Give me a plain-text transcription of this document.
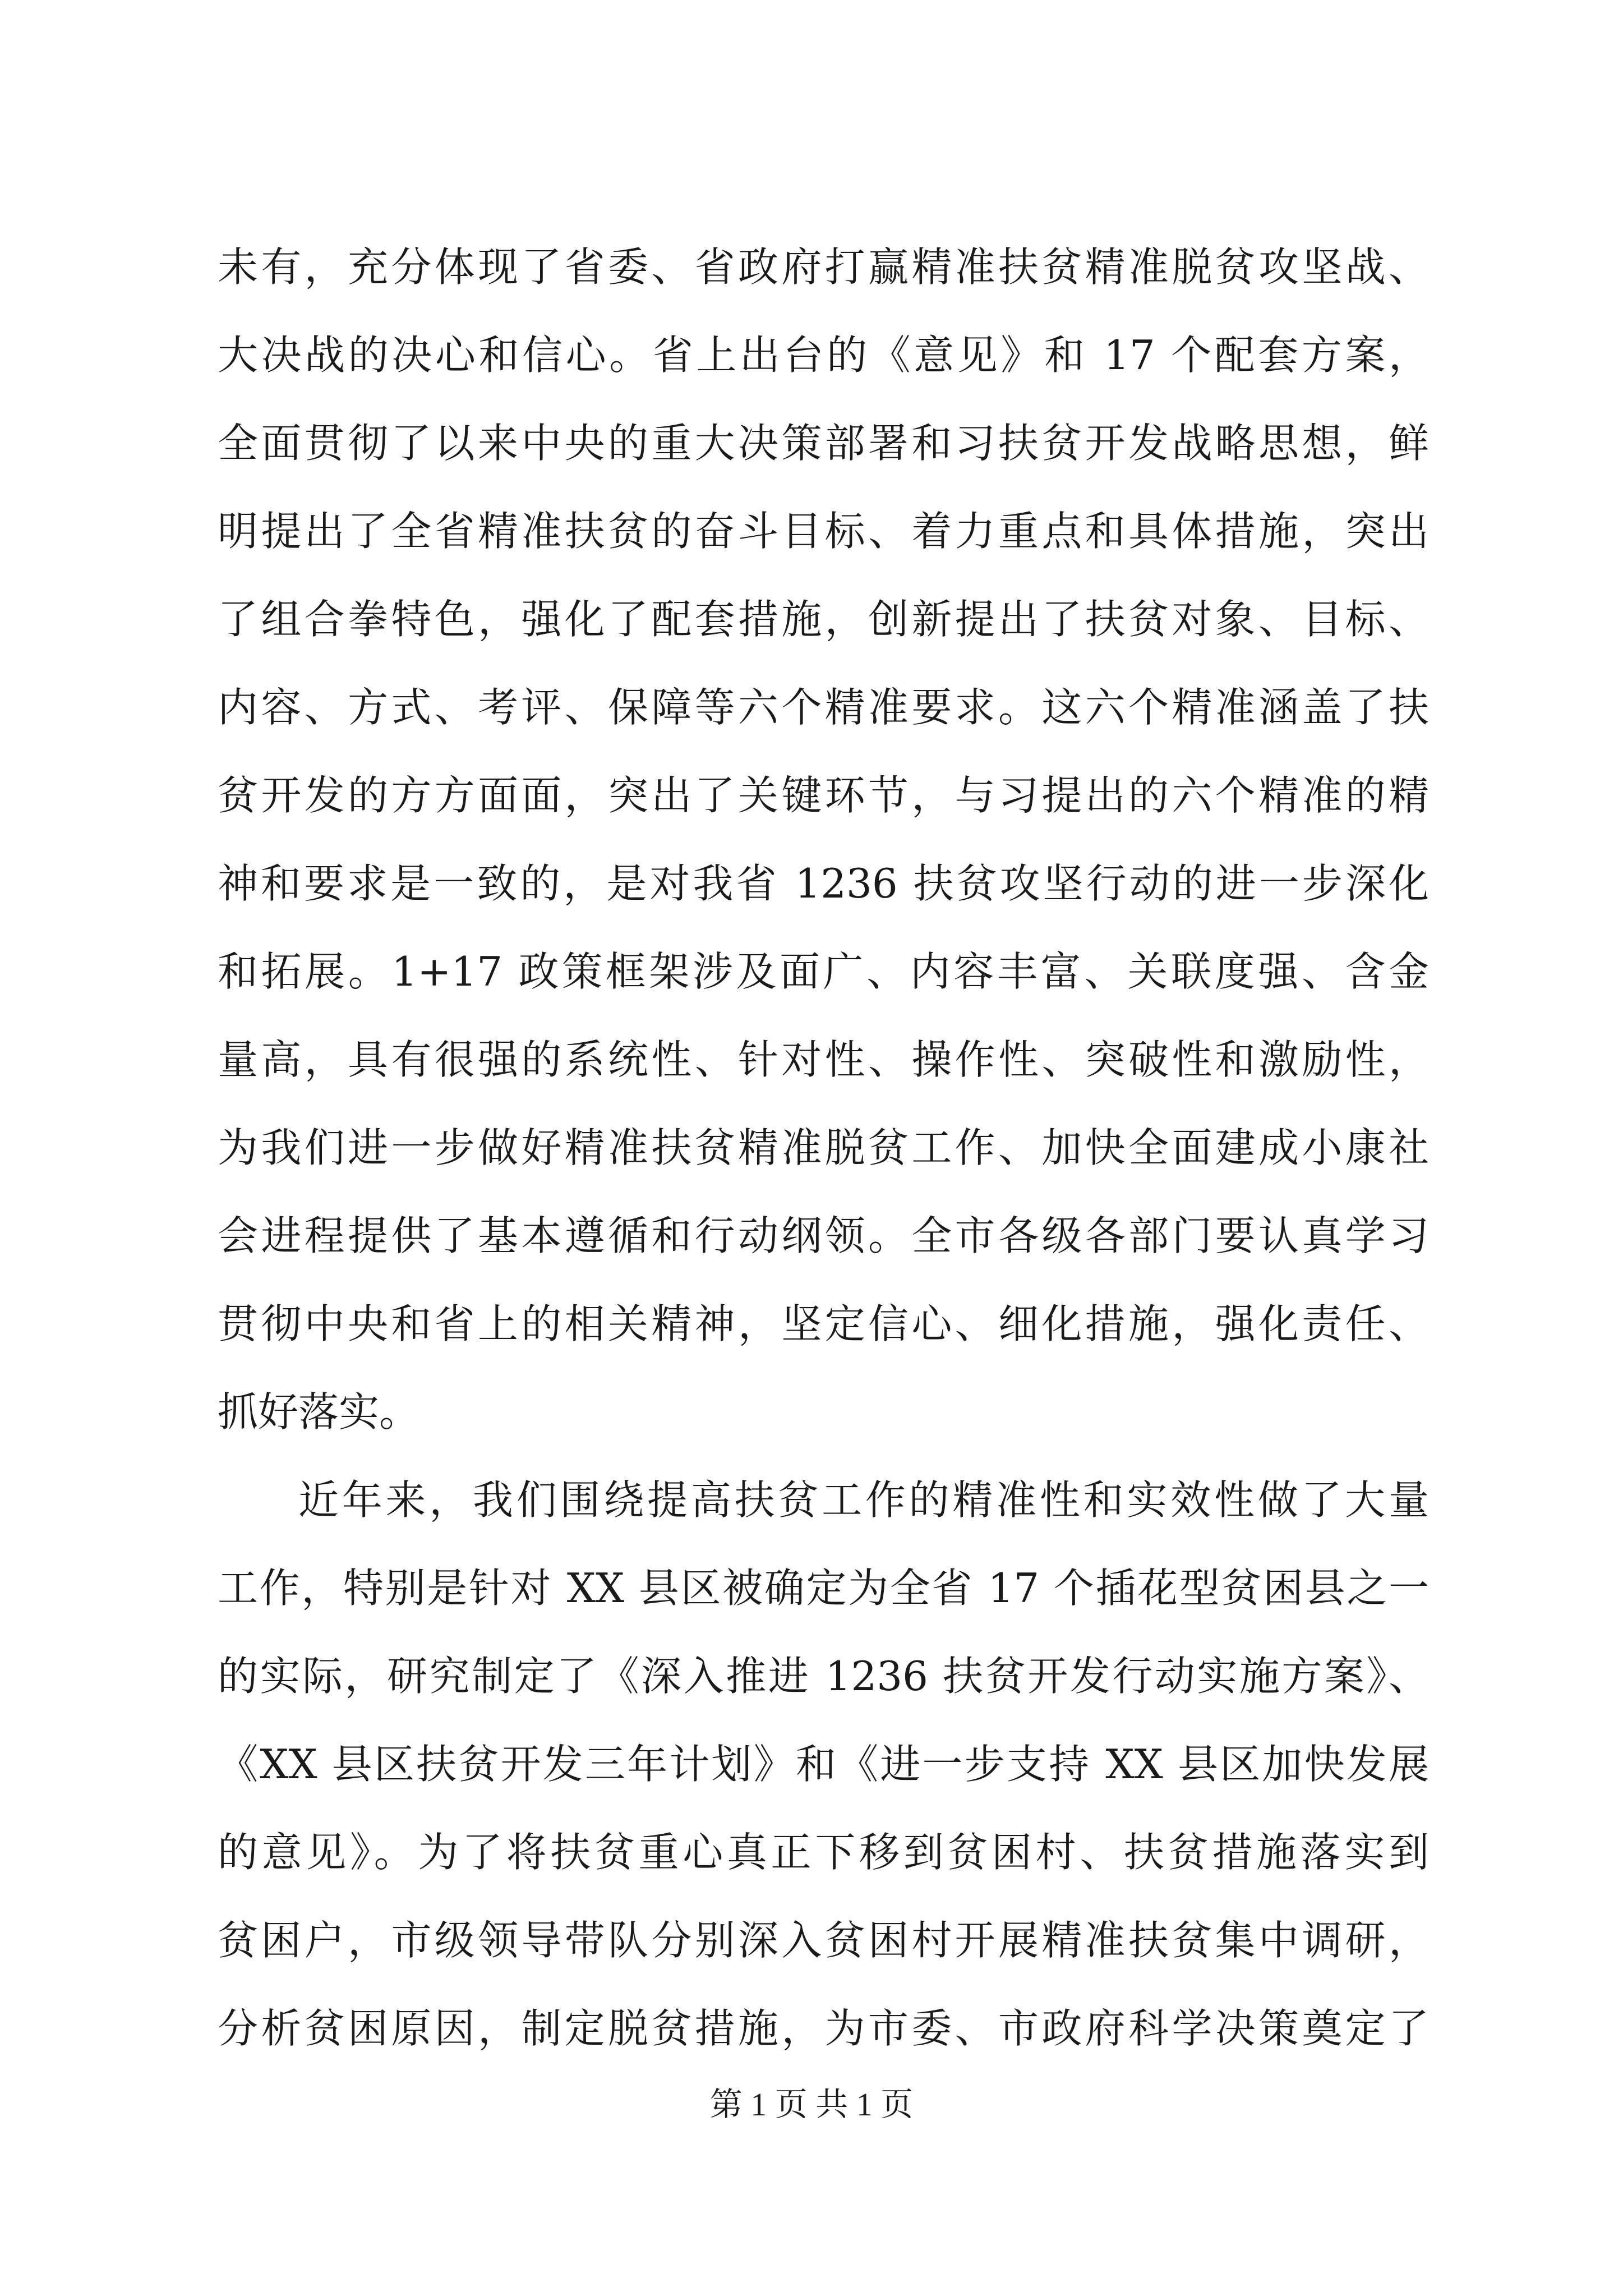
未有，充分体现了省委、省政府打赢精准扶贫精准脱贫攻坚战、
大决战的决心和信心。省上出台的《意见》和 17 个配套方案，
全面贯彻了以来中央的重大决策部署和习扶贫开发战略思想，鲜
明提出了全省精准扶贫的奋斗目标、着力重点和具体措施，突出
了组合拳特色，强化了配套措施，创新提出了扶贫对象、目标、
内容、方式、考评、保障等六个精准要求。这六个精准涵盖了扶
贫开发的方方面面，突出了关键环节，与习提出的六个精准的精
神和要求是一致的，是对我省 1236 扶贫攻坚行动的进一步深化
和拓展。1+17 政策框架涉及面广、内容丰富、关联度强、含金
量高，具有很强的系统性、针对性、操作性、突破性和激励性，
为我们进一步做好精准扶贫精准脱贫工作、加快全面建成小康社
会进程提供了基本遵循和行动纲领。全市各级各部门要认真学习
贯彻中央和省上的相关精神，坚定信心、细化措施，强化责任、
抓好落实。
近年来，我们围绕提高扶贫工作的精准性和实效性做了大量
工作，特别是针对 XX 县区被确定为全省 17 个插花型贫困县之一
的实际，研究制定了《深入推进 1236 扶贫开发行动实施方案》、
《XX 县区扶贫开发三年计划》和《进一步支持 XX 县区加快发展
的意见》。为了将扶贫重心真正下移到贫困村、扶贫措施落实到
贫困户，市级领导带队分别深入贫困村开展精准扶贫集中调研，
分析贫困原因，制定脱贫措施，为市委、市政府科学决策奠定了
第 1 页 共 1 页
